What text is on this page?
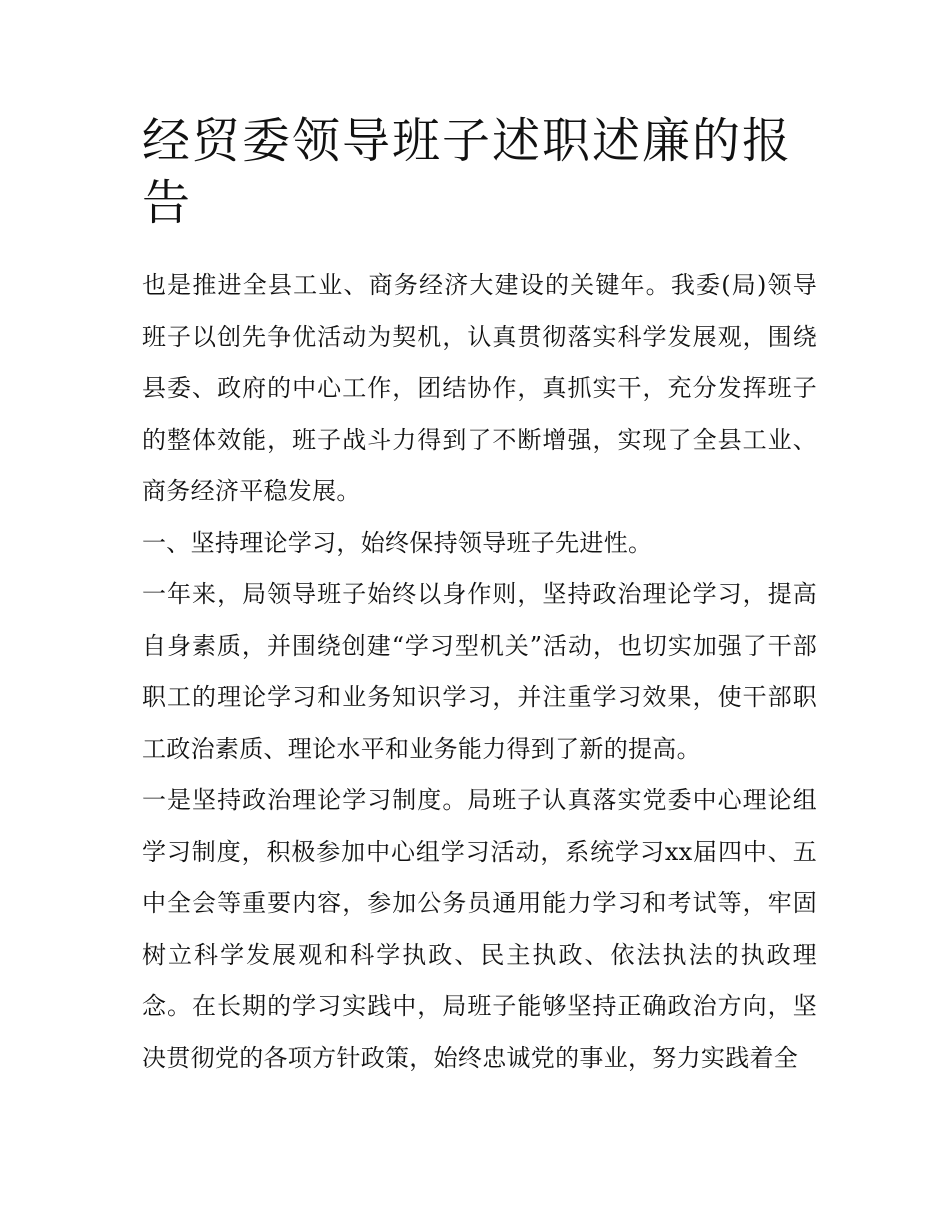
经贸委领导班子述职述廉的报告

也是推进全县工业、商务经济大建设的关键年。我委(局)领导班子以创先争优活动为契机，认真贯彻落实科学发展观，围绕县委、政府的中心工作，团结协作，真抓实干，充分发挥班子的整体效能，班子战斗力得到了不断增强，实现了全县工业、商务经济平稳发展。

一、坚持理论学习，始终保持领导班子先进性。

一年来，局领导班子始终以身作则，坚持政治理论学习，提高自身素质，并围绕创建“学习型机关”活动，也切实加强了干部职工的理论学习和业务知识学习，并注重学习效果，使干部职工政治素质、理论水平和业务能力得到了新的提高。

一是坚持政治理论学习制度。局班子认真落实党委中心理论组学习制度，积极参加中心组学习活动，系统学习xx届四中、五中全会等重要内容，参加公务员通用能力学习和考试等，牢固树立科学发展观和科学执政、民主执政、依法执法的执政理念。在长期的学习实践中，局班子能够坚持正确政治方向，坚决贯彻党的各项方针政策，始终忠诚党的事业，努力实践着全
